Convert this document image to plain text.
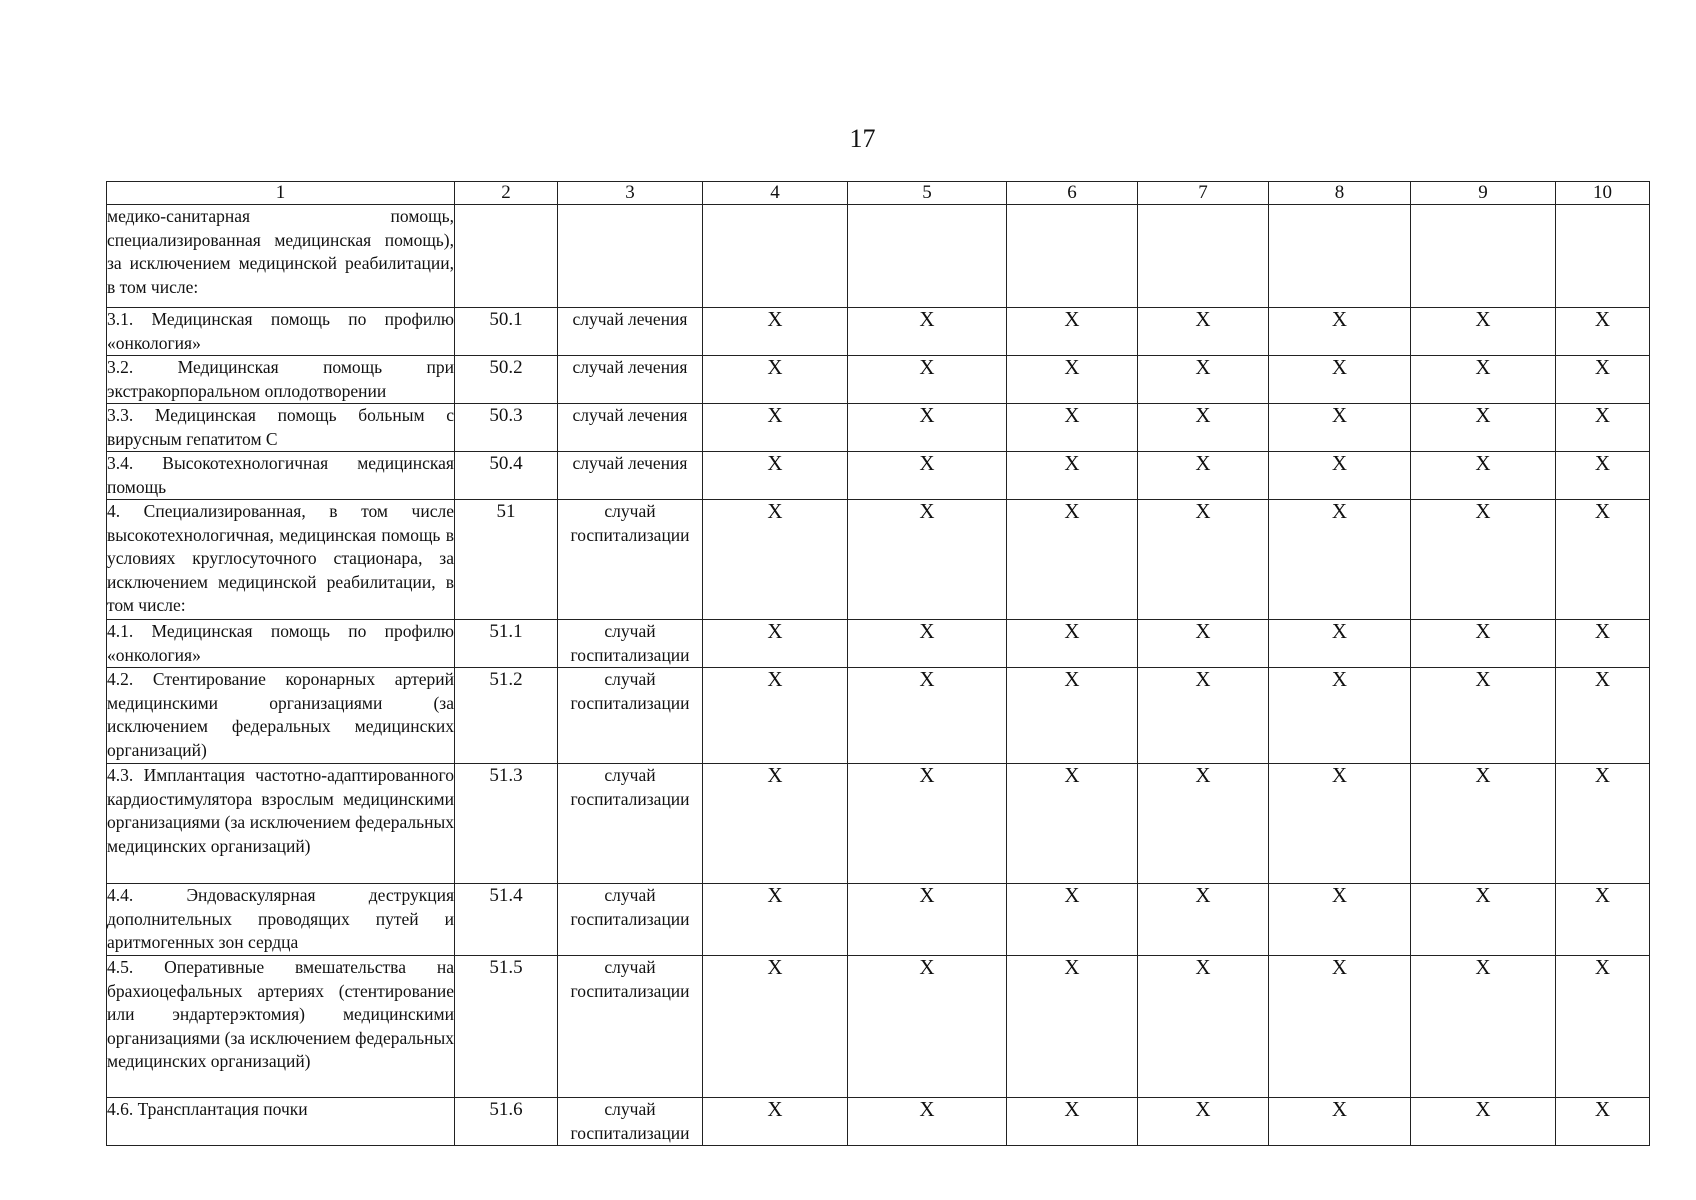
17
1	2	3	4	5	6	7	8	9	10
медико-санитарная помощь, специализированная медицинская помощь), за исключением медицинской реабилитации, в том числе:									
3.1. Медицинская помощь по профилю «онкология»	50.1	случай лечения	X	X	X	X	X	X	X
3.2. Медицинская помощь при экстракорпоральном оплодотворении	50.2	случай лечения	X	X	X	X	X	X	X
3.3. Медицинская помощь больным с вирусным гепатитом С	50.3	случай лечения	X	X	X	X	X	X	X
3.4. Высокотехнологичная медицинская помощь	50.4	случай лечения	X	X	X	X	X	X	X
4. Специализированная, в том числе высокотехнологичная, медицинская помощь в условиях круглосуточного стационара, за исключением медицинской реабилитации, в том числе:	51	случай госпитализации	X	X	X	X	X	X	X
4.1. Медицинская помощь по профилю «онкология»	51.1	случай госпитализации	X	X	X	X	X	X	X
4.2. Стентирование коронарных артерий медицинскими организациями (за исключением федеральных медицинских организаций)	51.2	случай госпитализации	X	X	X	X	X	X	X
4.3. Имплантация частотно-адаптированного кардиостимулятора взрослым медицинскими организациями (за исключением федеральных медицинских организаций)	51.3	случай госпитализации	X	X	X	X	X	X	X
4.4. Эндоваскулярная деструкция дополнительных проводящих путей и аритмогенных зон сердца	51.4	случай госпитализации	X	X	X	X	X	X	X
4.5. Оперативные вмешательства на брахиоцефальных артериях (стентирование или эндартерэктомия) медицинскими организациями (за исключением федеральных медицинских организаций)	51.5	случай госпитализации	X	X	X	X	X	X	X
4.6. Трансплантация почки	51.6	случай госпитализации	X	X	X	X	X	X	X
